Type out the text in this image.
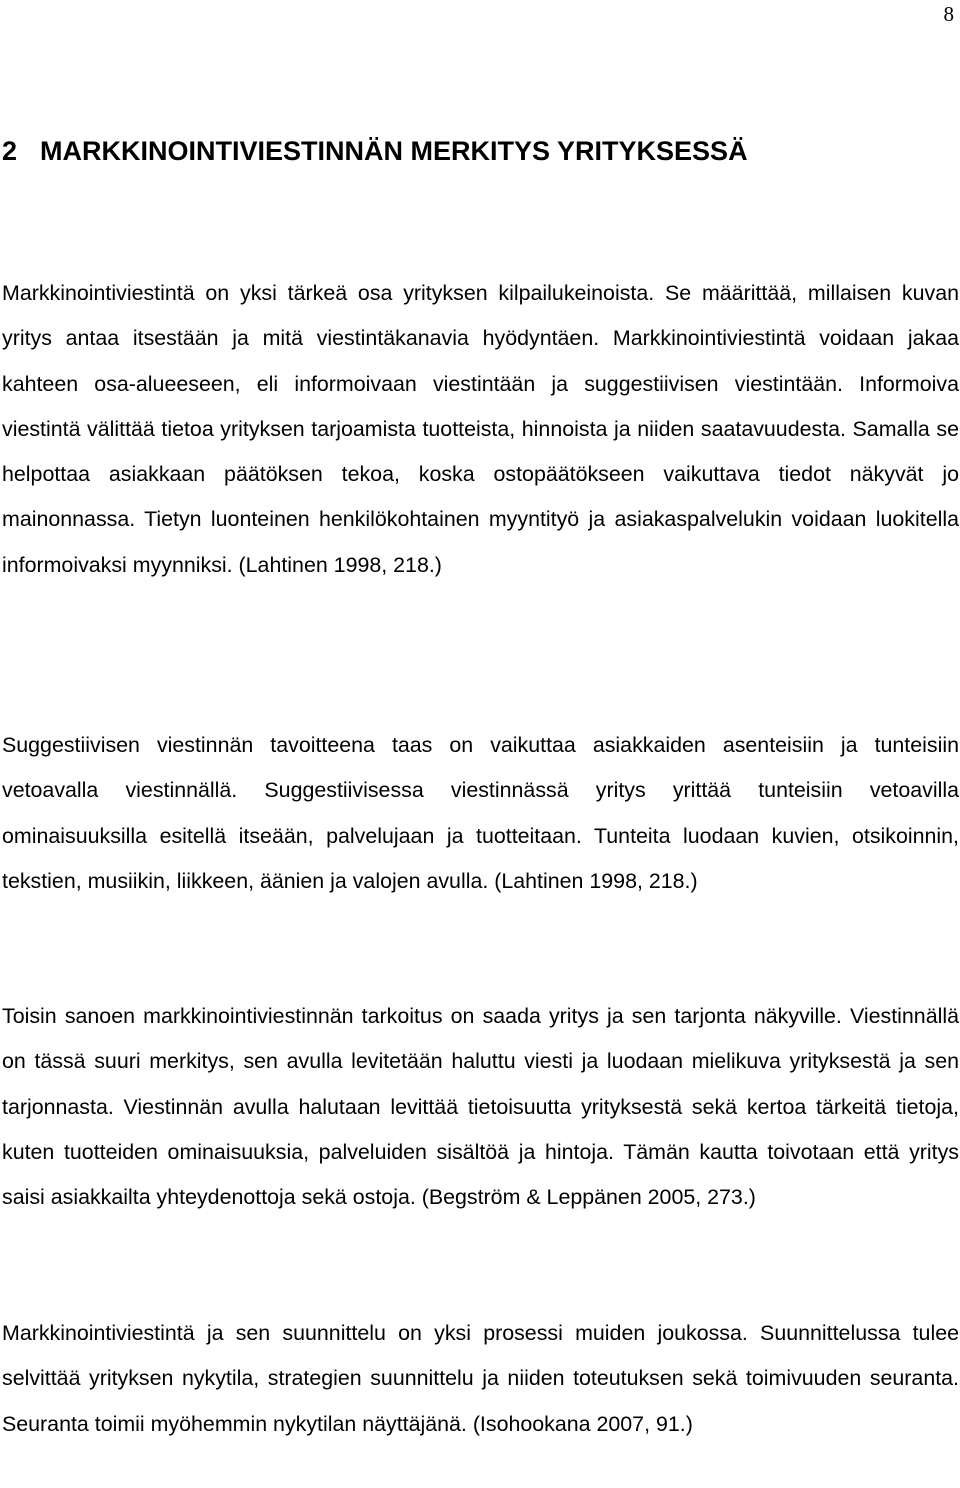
8
2 MARKKINOINTIVIESTINNÄN MERKITYS YRITYKSESSÄ

Markkinointiviestintä on yksi tärkeä osa yrityksen kilpailukeinoista. Se määrittää, millaisen kuvan yritys antaa itsestään ja mitä viestintäkanavia hyödyntäen. Markkinointiviestintä voidaan jakaa kahteen osa-alueeseen, eli informoivaan viestintään ja suggestiivisen viestintään. Informoiva viestintä välittää tietoa yrityksen tarjoamista tuotteista, hinnoista ja niiden saatavuudesta. Samalla se helpottaa asiakkaan päätöksen tekoa, koska ostopäätökseen vaikuttava tiedot näkyvät jo mainonnassa. Tietyn luonteinen henkilökohtainen myyntityö ja asiakaspalvelukin voidaan luokitella informoivaksi myynniksi. (Lahtinen 1998, 218.)

Suggestiivisen viestinnän tavoitteena taas on vaikuttaa asiakkaiden asenteisiin ja tunteisiin vetoavalla viestinnällä. Suggestiivisessa viestinnässä yritys yrittää tunteisiin vetoavilla ominaisuuksilla esitellä itseään, palvelujaan ja tuotteitaan. Tunteita luodaan kuvien, otsikoinnin, tekstien, musiikin, liikkeen, äänien ja valojen avulla. (Lahtinen 1998, 218.)

Toisin sanoen markkinointiviestinnän tarkoitus on saada yritys ja sen tarjonta näkyville. Viestinnällä on tässä suuri merkitys, sen avulla levitetään haluttu viesti ja luodaan mielikuva yrityksestä ja sen tarjonnasta. Viestinnän avulla halutaan levittää tietoisuutta yrityksestä sekä kertoa tärkeitä tietoja, kuten tuotteiden ominaisuuksia, palveluiden sisältöä ja hintoja. Tämän kautta toivotaan että yritys saisi asiakkailta yhteydenottoja sekä ostoja. (Begström & Leppänen 2005, 273.)

Markkinointiviestintä ja sen suunnittelu on yksi prosessi muiden joukossa. Suunnittelussa tulee selvittää yrityksen nykytila, strategien suunnittelu ja niiden toteutuksen sekä toimivuuden seuranta. Seuranta toimii myöhemmin nykytilan näyttäjänä. (Isohookana 2007, 91.)
